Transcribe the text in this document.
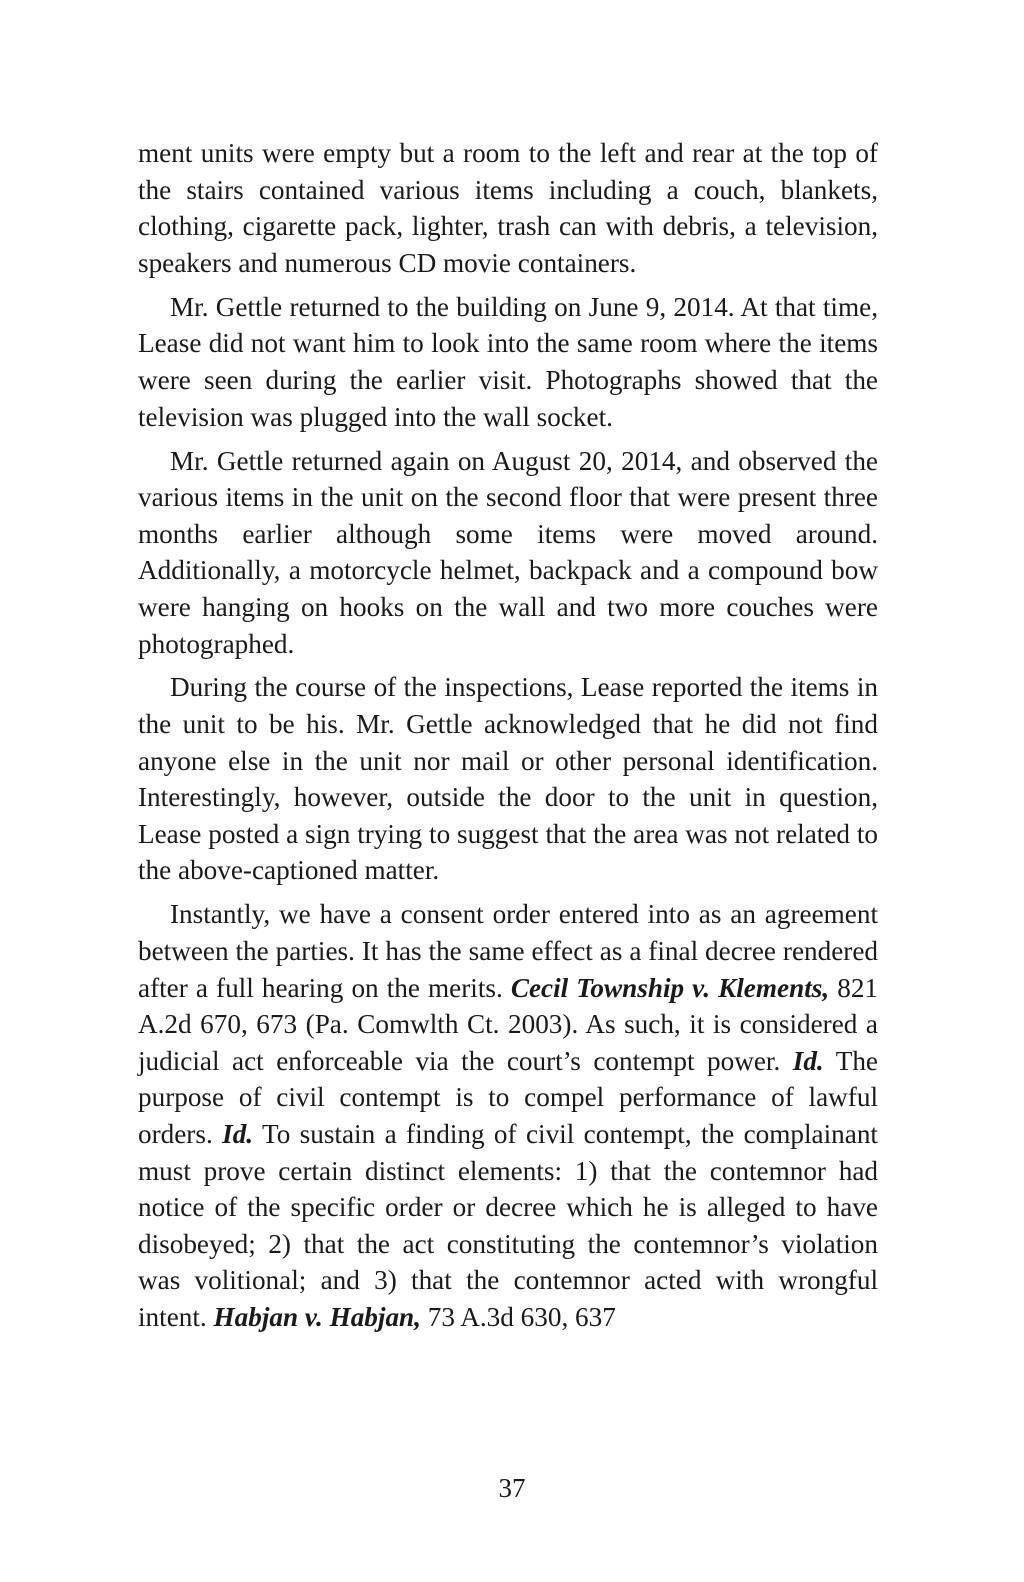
ment units were empty but a room to the left and rear at the top of the stairs contained various items including a couch, blankets, clothing, cigarette pack, lighter, trash can with debris, a television, speakers and numerous CD movie containers.

Mr. Gettle returned to the building on June 9, 2014. At that time, Lease did not want him to look into the same room where the items were seen during the earlier visit. Photographs showed that the television was plugged into the wall socket.

Mr. Gettle returned again on August 20, 2014, and observed the various items in the unit on the second floor that were present three months earlier although some items were moved around. Additionally, a motorcycle helmet, backpack and a compound bow were hanging on hooks on the wall and two more couches were photographed.

During the course of the inspections, Lease reported the items in the unit to be his. Mr. Gettle acknowledged that he did not find anyone else in the unit nor mail or other personal identification. Interestingly, however, outside the door to the unit in question, Lease posted a sign trying to suggest that the area was not related to the above-captioned matter.

Instantly, we have a consent order entered into as an agreement between the parties. It has the same effect as a final decree rendered after a full hearing on the merits. Cecil Township v. Klements, 821 A.2d 670, 673 (Pa. Comwlth Ct. 2003). As such, it is considered a judicial act enforceable via the court’s contempt power. Id. The purpose of civil contempt is to compel performance of lawful orders. Id. To sustain a finding of civil contempt, the complainant must prove certain distinct elements: 1) that the contemnor had notice of the specific order or decree which he is alleged to have disobeyed; 2) that the act constituting the contemnor’s violation was volitional; and 3) that the contemnor acted with wrongful intent. Habjan v. Habjan, 73 A.3d 630, 637

37
